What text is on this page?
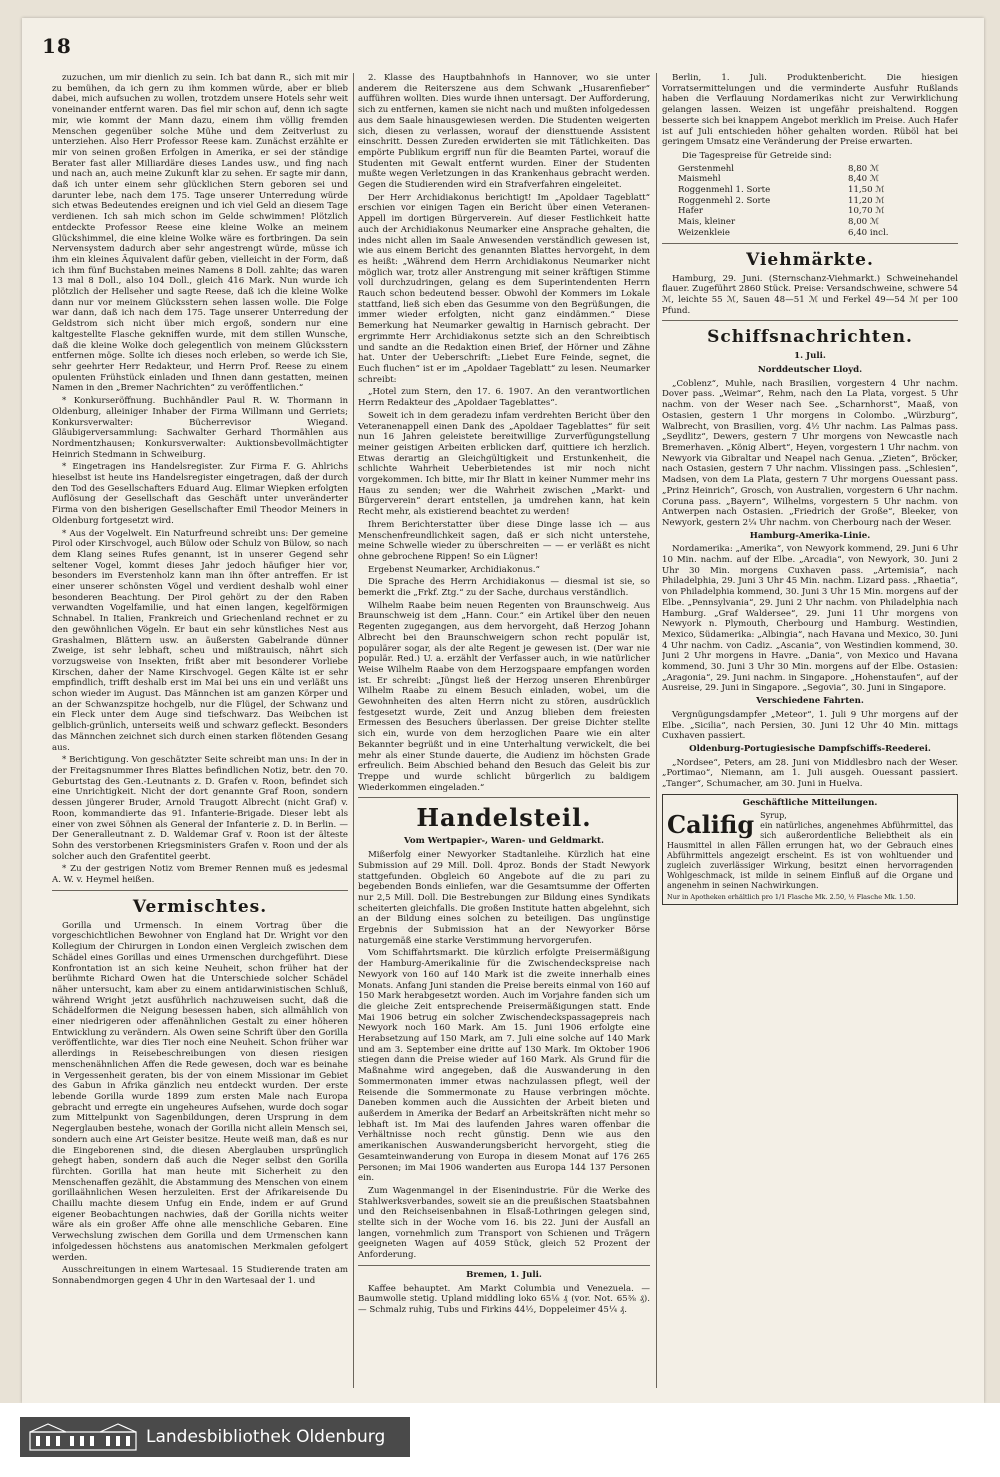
18

zuzuchen, um mir dienlich zu sein. Ich bat dann R., sich mit mir zu bemühen, da ich gern zu ihm kommen würde, aber er blieb dabei, mich aufsuchen zu wollen, trotzdem unsere Hotels sehr weit voneinander entfernt waren. Das fiel mir schon auf, denn ich sagte mir, wie kommt der Mann dazu, einem ihm völlig fremden Menschen gegenüber solche Mühe und dem Zeitverlust zu unterziehen. Also Herr Professor Reese kam. Zunächst erzählte er mir von seinen großen Erfolgen in Amerika, er sei der ständige Berater fast aller Milliardäre dieses Landes usw., und fing nach und nach an, auch meine Zukunft klar zu sehen. Er sagte mir dann, daß ich unter einem sehr glücklichen Stern geboren sei und darunter lebe, nach dem 175. Tage unserer Unterredung würde sich etwas Bedeutendes ereignen und ich viel Geld an diesem Tage verdienen. Ich sah mich schon im Gelde schwimmen! Plötzlich entdeckte Professor Reese eine kleine Wolke an meinem Glückshimmel, die eine kleine Wolke wäre es fortbringen. Da sein Nervensystem dadurch aber sehr angestrengt würde, müsse ich ihm ein kleines Äquivalent dafür geben, vielleicht in der Form, daß ich ihm fünf Buchstaben meines Namens 8 Doll. zahlte; das waren 13 mal 8 Doll., also 104 Doll., gleich 416 Mark. Nun wurde ich plötzlich der Hellseher und sagte Reese, daß ich die kleine Wolke dann nur vor meinem Glücksstern sehen lassen wolle. Die Folge war dann, daß ich nach dem 175. Tage unserer Unterredung der Geldstrom sich nicht über mich ergoß, sondern nur eine kaltgestellte Flasche gekniffen wurde, mit dem stillen Wunsche, daß die kleine Wolke doch gelegentlich von meinem Glücksstern entfernen möge. Sollte ich dieses noch erleben, so werde ich Sie, sehr geehrter Herr Redakteur, und Herrn Prof. Reese zu einem opulenten Frühstück einladen und Ihnen dann gestatten, meinen Namen in den „Bremer Nachrichten“ zu veröffentlichen.“

* Konkurseröffnung. Buchhändler Paul R. W. Thormann in Oldenburg, alleiniger Inhaber der Firma Willmann und Gerriets; Konkursverwalter: Bücherrevisor Wiegand. Gläubigerversammlung: Sachwalter Gerhard Thormählen aus Nordmentzhausen; Konkursverwalter: Auktionsbevollmächtigter Heinrich Stedmann in Schweiburg.

* Eingetragen ins Handelsregister. Zur Firma F. G. Ahlrichs hieselbst ist heute ins Handelsregister eingetragen, daß der durch den Tod des Gesellschafters Eduard Aug. Elimar Wiepken erfolgten Auflösung der Gesellschaft das Geschäft unter unveränderter Firma von den bisherigen Gesellschafter Emil Theodor Meiners in Oldenburg fortgesetzt wird.

* Aus der Vogelwelt. Ein Naturfreund schreibt uns: Der gemeine Pirol oder Kirschvogel, auch Bülow oder Schulz von Bülow, so nach dem Klang seines Rufes genannt, ist in unserer Gegend sehr seltener Vogel, kommt dieses Jahr jedoch häufiger hier vor, besonders im Everstenholz kann man ihn öfter antreffen. Er ist einer unserer schönsten Vögel und verdient deshalb wohl einer besonderen Beachtung. Der Pirol gehört zu der den Raben verwandten Vogelfamilie, und hat einen langen, kegelförmigen Schnabel. In Italien, Frankreich und Griechenland rechnet er zu den gewöhnlichen Vögeln. Er baut ein sehr künstliches Nest aus Grashalmen, Blättern usw. an äußersten Gabelrande dünner Zweige, ist sehr lebhaft, scheu und mißtrauisch, nährt sich vorzugsweise von Insekten, frißt aber mit besonderer Vorliebe Kirschen, daher der Name Kirschvogel. Gegen Kälte ist er sehr empfindlich, trifft deshalb erst im Mai bei uns ein und verläßt uns schon wieder im August. Das Männchen ist am ganzen Körper und an der Schwanzspitze hochgelb, nur die Flügel, der Schwanz und ein Fleck unter dem Auge sind tiefschwarz. Das Weibchen ist gelblich-grünlich, unterseits weiß und schwarz gefleckt. Besonders das Männchen zeichnet sich durch einen starken flötenden Gesang aus.

* Berichtigung. Von geschätzter Seite schreibt man uns: In der in der Freitagsnummer Ihres Blattes befindlichen Notiz, betr. den 70. Geburtstag des Gen.-Leutnants z. D. Grafen v. Roon, befindet sich eine Unrichtigkeit. Nicht der dort genannte Graf Roon, sondern dessen jüngerer Bruder, Arnold Traugott Albrecht (nicht Graf) v. Roon, kommandierte das 91. Infanterie-Brigade. Dieser lebt als einer von zwei Söhnen als General der Infanterie z. D. in Berlin. — Der Generalleutnant z. D. Waldemar Graf v. Roon ist der älteste Sohn des verstorbenen Kriegsministers Grafen v. Roon und der als solcher auch den Grafentitel geerbt.

* Zu der gestrigen Notiz vom Bremer Rennen muß es jedesmal A. W. v. Heymel heißen.

Vermischtes.

Gorilla und Urmensch. In einem Vortrag über die vorgeschichtlichen Bewohner von England hat Dr. Wright vor den Kollegium der Chirurgen in London einen Vergleich zwischen dem Schädel eines Gorillas und eines Urmenschen durchgeführt. Diese Konfrontation ist an sich keine Neuheit, schon früher hat der berühmte Richard Owen hat die Unterschiede solcher Schädel näher untersucht, kam aber zu einem antidarwinistischen Schluß, während Wright jetzt ausführlich nachzuweisen sucht, daß die Schädelformen die Neigung besessen haben, sich allmählich von einer niedrigeren oder affenähnlichen Gestalt zu einer höheren Entwicklung zu verändern. Als Owen seine Schrift über den Gorilla veröffentlichte, war dies Tier noch eine Neuheit. Schon früher war allerdings in Reisebeschreibungen von diesen riesigen menschenähnlichen Affen die Rede gewesen, doch war es beinahe in Vergessenheit geraten, bis der von einem Missionar im Gebiet des Gabun in Afrika gänzlich neu entdeckt wurden. Der erste lebende Gorilla wurde 1899 zum ersten Male nach Europa gebracht und erregte ein ungeheures Aufsehen, wurde doch sogar zum Mittelpunkt von Sagenbildungen, deren Ursprung in dem Negerglauben bestehe, wonach der Gorilla nicht allein Mensch sei, sondern auch eine Art Geister besitze. Heute weiß man, daß es nur die Eingeborenen sind, die diesen Aberglauben ursprünglich gehegt haben, sondern daß auch die Neger selbst den Gorilla fürchten. Gorilla hat man heute mit Sicherheit zu den Menschenaffen gezählt, die Abstammung des Menschen von einem gorillaähnlichen Wesen herzuleiten. Erst der Afrikareisende Du Chaillu machte diesem Unfug ein Ende, indem er auf Grund eigener Beobachtungen nachwies, daß der Gorilla nichts weiter wäre als ein großer Affe ohne alle menschliche Gebaren. Eine Verwechslung zwischen dem Gorilla und dem Urmenschen kann infolgedessen höchstens aus anatomischen Merkmalen gefolgert werden.

Ausschreitungen in einem Wartesaal. 15 Studierende traten am Sonnabendmorgen gegen 4 Uhr in den Wartesaal der 1. und

2. Klasse des Hauptbahnhofs in Hannover, wo sie unter anderem die Reiterszene aus dem Schwank „Husarenfieber“ aufführen wollten. Dies wurde ihnen untersagt. Der Aufforderung, sich zu entfernen, kamen sie nicht nach und mußten infolgedessen aus dem Saale hinausgewiesen werden. Die Studenten weigerten sich, diesen zu verlassen, worauf der diensttuende Assistent einschritt. Dessen Zureden erwiderten sie mit Tätlichkeiten. Das empörte Publikum ergriff nun für die Beamten Partei, worauf die Studenten mit Gewalt entfernt wurden. Einer der Studenten mußte wegen Verletzungen in das Krankenhaus gebracht werden. Gegen die Studierenden wird ein Strafverfahren eingeleitet.

Der Herr Archidiakonus berichtigt! Im „Apoldaer Tageblatt“ erschien vor einigen Tagen ein Bericht über einen Veteranen-Appell im dortigen Bürgerverein. Auf dieser Festlichkeit hatte auch der Archidiakonus Neumarker eine Ansprache gehalten, die indes nicht allen im Saale Anwesenden verständlich gewesen ist, wie aus einem Bericht des genannten Blattes hervorgeht, in dem es heißt: „Während dem Herrn Archidiakonus Neumarker nicht möglich war, trotz aller Anstrengung mit seiner kräftigen Stimme voll durchzudringen, gelang es dem Superintendenten Herrn Rauch schon bedeutend besser. Obwohl der Kommers im Lokale stattfand, ließ sich eben das Gesumme von den Begrüßungen, die immer wieder erfolgten, nicht ganz eindämmen.“ Diese Bemerkung hat Neumarker gewaltig in Harnisch gebracht. Der ergrimmte Herr Archidiakonus setzte sich an den Schreibtisch und sandte an die Redaktion einen Brief, der Hörner und Zähne hat. Unter der Ueberschrift: „Liebet Eure Feinde, segnet, die Euch fluchen“ ist er im „Apoldaer Tageblatt“ zu lesen. Neumarker schreibt:

„Hotel zum Stern, den 17. 6. 1907. An den verantwortlichen Herrn Redakteur des „Apoldaer Tageblattes“.

Soweit ich in dem geradezu infam verdrehten Bericht über den Veteranenappell einen Dank des „Apoldaer Tageblattes“ für seit nun 16 Jahren geleistete bereitwillige Zurverfügungstellung meiner geistigen Arbeiten erblicken darf, quittiere ich herzlich. Etwas derartig an Gleichgültigkeit und Erstunkenheit, die schlichte Wahrheit Ueberbietendes ist mir noch nicht vorgekommen. Ich bitte, mir Ihr Blatt in keiner Nummer mehr ins Haus zu senden; wer die Wahrheit zwischen „Markt- und Bürgerverein“ derart entstellen, ja umdrehen kann, hat kein Recht mehr, als existierend beachtet zu werden!

Ihrem Berichterstatter über diese Dinge lasse ich — aus Menschenfreundlichkeit sagen, daß er sich nicht unterstehe, meine Schwelle wieder zu überschreiten — — er verläßt es nicht ohne gebrochene Rippen! So ein Lügner!

Ergebenst Neumarker, Archidiakonus.“

Die Sprache des Herrn Archidiakonus — diesmal ist sie, so bemerkt die „Frkf. Ztg.“ zu der Sache, durchaus verständlich.

Wilhelm Raabe beim neuen Regenten von Braunschweig. Aus Braunschweig ist dem „Hann. Cour.“ ein Artikel über den neuen Regenten zugegangen, aus dem hervorgeht, daß Herzog Johann Albrecht bei den Braunschweigern schon recht populär ist, populärer sogar, als der alte Regent je gewesen ist. (Der war nie populär. Red.) U. a. erzählt der Verfasser auch, in wie natürlicher Weise Wilhelm Raabe von dem Herzogspaare empfangen worden ist. Er schreibt: „Jüngst ließ der Herzog unseren Ehrenbürger Wilhelm Raabe zu einem Besuch einladen, wobei, um die Gewohnheiten des alten Herrn nicht zu stören, ausdrücklich festgesetzt wurde, Zeit und Anzug blieben dem freiesten Ermessen des Besuchers überlassen. Der greise Dichter stellte sich ein, wurde von dem herzoglichen Paare wie ein alter Bekannter begrüßt und in eine Unterhaltung verwickelt, die bei mehr als einer Stunde dauerte, die Audienz im höchsten Grade erfreulich. Beim Abschied behand den Besuch das Geleit bis zur Treppe und wurde schlicht bürgerlich zu baldigem Wiederkommen eingeladen.“

Handelsteil.
Vom Wertpapier-, Waren- und Geldmarkt.

Mißerfolg einer Newyorker Stadtanleihe. Kürzlich hat eine Submission auf 29 Mill. Doll. 4proz. Bonds der Stadt Newyork stattgefunden. Obgleich 60 Angebote auf die zu pari zu begebenden Bonds einliefen, war die Gesamtsumme der Offerten nur 2,5 Mill. Doll. Die Bestrebungen zur Bildung eines Syndikats scheiterten gleichfalls. Die großen Institute hatten abgelehnt, sich an der Bildung eines solchen zu beteiligen. Das ungünstige Ergebnis der Submission hat an der Newyorker Börse naturgemäß eine starke Verstimmung hervorgerufen.

Vom Schiffahrtsmarkt. Die kürzlich erfolgte Preisermäßigung der Hamburg-Amerikalinie für die Zwischendeckspreise nach Newyork von 160 auf 140 Mark ist die zweite innerhalb eines Monats. Anfang Juni standen die Preise bereits einmal von 160 auf 150 Mark herabgesetzt worden. Auch im Vorjahre fanden sich um die gleiche Zeit entsprechende Preisermäßigungen statt. Ende Mai 1906 betrug ein solcher Zwischendeckspassagepreis nach Newyork noch 160 Mark. Am 15. Juni 1906 erfolgte eine Herabsetzung auf 150 Mark, am 7. Juli eine solche auf 140 Mark und am 3. September eine dritte auf 130 Mark. Im Oktober 1906 stiegen dann die Preise wieder auf 160 Mark. Als Grund für die Maßnahme wird angegeben, daß die Auswanderung in den Sommermonaten immer etwas nachzulassen pflegt, weil der Reisende die Sommermonate zu Hause verbringen möchte. Daneben kommen auch die Aussichten der Arbeit bieten und außerdem in Amerika der Bedarf an Arbeitskräften nicht mehr so lebhaft ist. Im Mai des laufenden Jahres waren offenbar die Verhältnisse noch recht günstig. Denn wie aus den amerikanischen Auswanderungsbericht hervorgeht, stieg die Gesamteinwanderung von Europa in diesem Monat auf 176 265 Personen; im Mai 1906 wanderten aus Europa 144 137 Personen ein.

Zum Wagenmangel in der Eisenindustrie. Für die Werke des Stahlwerksverbandes, soweit sie an die preußischen Staatsbahnen und den Reichseisenbahnen in Elsaß-Lothringen gelegen sind, stellte sich in der Woche vom 16. bis 22. Juni der Ausfall an langen, vornehmlich zum Transport von Schienen und Trägern geeigneten Wagen auf 4059 Stück, gleich 52 Prozent der Anforderung.

Bremen, 1. Juli.

Kaffee behauptet. Am Markt Columbia und Venezuela. — Baumwolle stetig. Upland middling loko 65⅛ ₰ (vor. Not. 65⅜ ₰). — Schmalz ruhig, Tubs und Firkins 44½, Doppeleimer 45¼ ₰.

Berlin, 1. Juli. Produktenbericht. Die hiesigen Vorratsermittelungen und die verminderte Ausfuhr Rußlands haben die Verflauung Nordamerikas nicht zur Verwirklichung gelangen lassen. Weizen ist ungefähr preishaltend. Roggen besserte sich bei knappem Angebot merklich im Preise. Auch Hafer ist auf Juli entschieden höher gehalten worden. Rüböl hat bei geringem Umsatz eine Veränderung der Preise erwarten.

Die Tagespreise für Getreide sind:
Gerstenmehl	8,80 ℳ
Maismehl	8,40 ℳ
Roggenmehl 1. Sorte	11,50 ℳ
Roggenmehl 2. Sorte	11,20 ℳ
Hafer	10,70 ℳ
Mais, kleiner	8,00 ℳ
Weizenkleie	6,40 incl.
Viehmärkte.

Hamburg, 29. Juni. (Sternschanz-Viehmarkt.) Schweinehandel flauer. Zugeführt 2860 Stück. Preise: Versandschweine, schwere 54 ℳ, leichte 55 ℳ, Sauen 48—51 ℳ und Ferkel 49—54 ℳ per 100 Pfund.

Schiffsnachrichten.
1. Juli.
Norddeutscher Lloyd.

„Coblenz“, Muhle, nach Brasilien, vorgestern 4 Uhr nachm. Dover pass. „Weimar“, Rehm, nach den La Plata, vorgest. 5 Uhr nachm. von der Weser nach See. „Scharnhorst“, Maaß, von Ostasien, gestern 1 Uhr morgens in Colombo. „Würzburg“, Walbrecht, von Brasilien, vorg. 4½ Uhr nachm. Las Palmas pass. „Seydlitz“, Dewers, gestern 7 Uhr morgens von Newcastle nach Bremerhaven. „König Albert“, Heyen, vorgestern 1 Uhr nachm. von Newyork via Gibraltar und Neapel nach Genua. „Zieten“, Bröcker, nach Ostasien, gestern 7 Uhr nachm. Vlissingen pass. „Schlesien“, Madsen, von dem La Plata, gestern 7 Uhr morgens Ouessant pass. „Prinz Heinrich“, Grosch, von Australien, vorgestern 6 Uhr nachm. Coruna pass. „Bayern“, Wilhelms, vorgestern 5 Uhr nachm. von Antwerpen nach Ostasien. „Friedrich der Große“, Bleeker, von Newyork, gestern 2¼ Uhr nachm. von Cherbourg nach der Weser.

Hamburg-Amerika-Linie.

Nordamerika: „Amerika“, von Newyork kommend, 29. Juni 6 Uhr 10 Min. nachm. auf der Elbe. „Arcadia“, von Newyork, 30. Juni 2 Uhr 30 Min. morgens Cuxhaven pass. „Artemisia“, nach Philadelphia, 29. Juni 3 Uhr 45 Min. nachm. Lizard pass. „Rhaetia“, von Philadelphia kommend, 30. Juni 3 Uhr 15 Min. morgens auf der Elbe. „Pennsylvania“, 29. Juni 2 Uhr nachm. von Philadelphia nach Hamburg. „Graf Waldersee“, 29. Juni 11 Uhr morgens von Newyork n. Plymouth, Cherbourg und Hamburg. Westindien, Mexico, Südamerika: „Albingia“, nach Havana und Mexico, 30. Juni 4 Uhr nachm. von Cadiz. „Ascania“, von Westindien kommend, 30. Juni 2 Uhr morgens in Havre. „Dania“, von Mexico und Havana kommend, 30. Juni 3 Uhr 30 Min. morgens auf der Elbe. Ostasien: „Aragonia“, 29. Juni nachm. in Singapore. „Hohenstaufen“, auf der Ausreise, 29. Juni in Singapore. „Segovia“, 30. Juni in Singapore.

Verschiedene Fahrten.

Vergnügungsdampfer „Meteor“, 1. Juli 9 Uhr morgens auf der Elbe. „Sicilia“, nach Persien, 30. Juni 12 Uhr 40 Min. mittags Cuxhaven passiert.

Oldenburg-Portugiesische Dampfschiffs-Reederei.

„Nordsee“, Peters, am 28. Juni von Middlesbro nach der Weser. „Portimao“, Niemann, am 1. Juli ausgeh. Ouessant passiert. „Tanger“, Schumacher, am 30. Juni in Huelva.

Geschäftliche Mitteilungen.
Califig Syrup,
ein natürliches, angenehmes Abführmittel, das sich außerordentliche Beliebtheit als ein Hausmittel in allen Fällen errungen hat, wo der Gebrauch eines Abführmittels angezeigt erscheint. Es ist von wohltuender und zugleich zuverlässiger Wirkung, besitzt einen hervorragenden Wohlgeschmack, ist milde in seinem Einfluß auf die Organe und angenehm in seinen Nachwirkungen.
Nur in Apotheken erhältlich pro 1/1 Flasche Mk. 2.50, ½ Flasche Mk. 1.50.
Landesbibliothek Oldenburg
